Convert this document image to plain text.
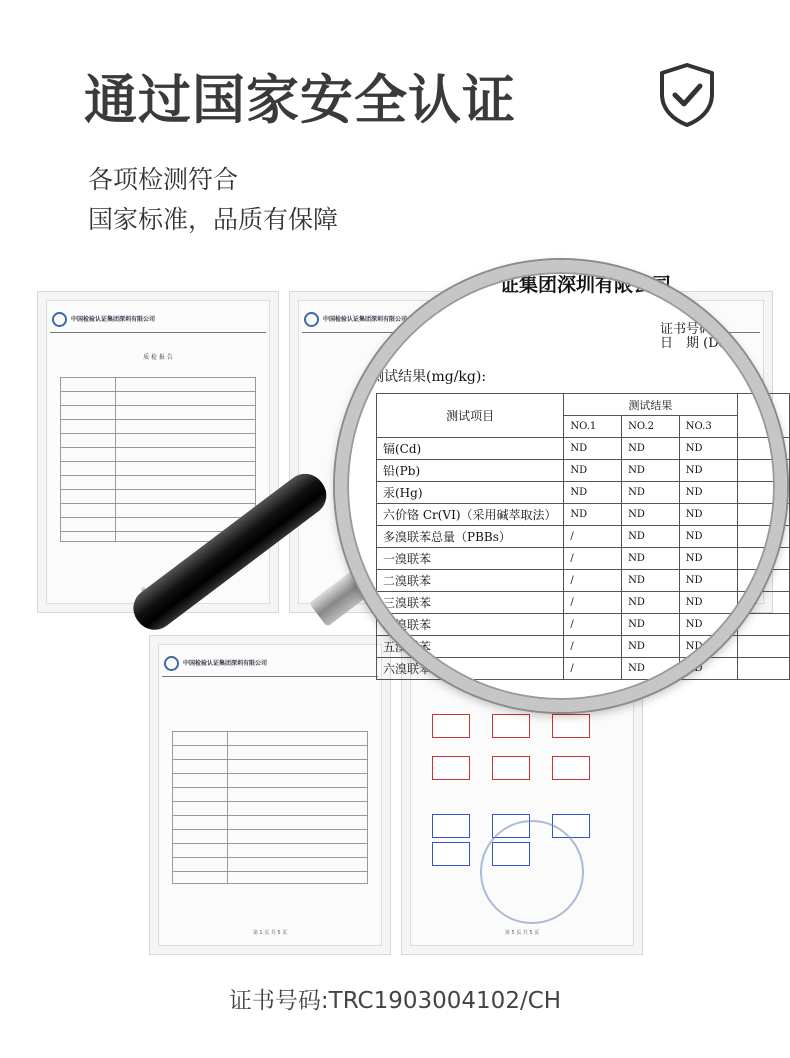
通过国家安全认证
各项检测符合
国家标准，品质有保障
中国检验认证集团深圳有限公司
质 检 报 告
中国检验认证集团深圳有限公司
中国检验认证集团深圳有限公司
第 1 页 共 5 页	第 5 页 共 5 页
证集团深圳有限公司
证书号码
日　期 (Da
测试结果(mg/kg):
测试项目	测试结果			
	NO.1	NO.2	NO.3	
镉(Cd)	ND	ND	ND	
铅(Pb)	ND	ND	ND	
汞(Hg)	ND	ND	ND	
六价铬 Cr(VI)（采用碱萃取法）	ND	ND	ND	
多溴联苯总量（PBBs）	/	ND	ND	
一溴联苯	/	ND	ND	
二溴联苯	/	ND	ND	
三溴联苯	/	ND	ND	
四溴联苯	/	ND	ND	
五溴联苯	/	ND	ND	
六溴联苯	/	ND	ND	
证书号码:TRC1903004102/CH
